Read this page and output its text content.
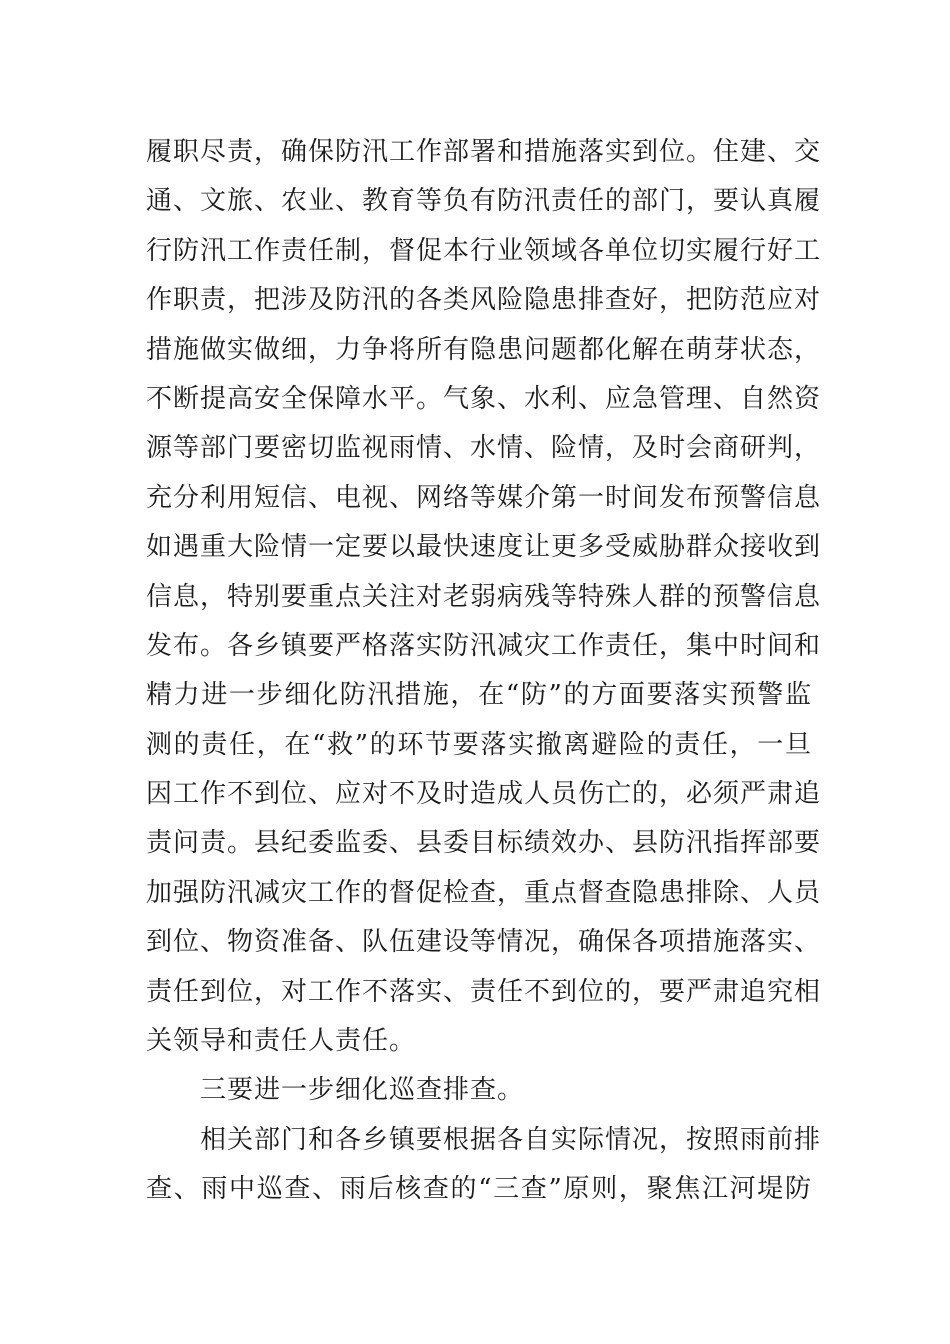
履职尽责，确保防汛工作部署和措施落实到位。住建、交
通、文旅、农业、教育等负有防汛责任的部门，要认真履
行防汛工作责任制，督促本行业领域各单位切实履行好工
作职责，把涉及防汛的各类风险隐患排查好，把防范应对
措施做实做细，力争将所有隐患问题都化解在萌芽状态，
不断提高安全保障水平。气象、水利、应急管理、自然资
源等部门要密切监视雨情、水情、险情，及时会商研判，
充分利用短信、电视、网络等媒介第一时间发布预警信息
如遇重大险情一定要以最快速度让更多受威胁群众接收到
信息，特别要重点关注对老弱病残等特殊人群的预警信息
发布。各乡镇要严格落实防汛减灾工作责任，集中时间和
精力进一步细化防汛措施，在“防”的方面要落实预警监
测的责任，在“救”的环节要落实撤离避险的责任，一旦
因工作不到位、应对不及时造成人员伤亡的，必须严肃追
责问责。县纪委监委、县委目标绩效办、县防汛指挥部要
加强防汛减灾工作的督促检查，重点督查隐患排除、人员
到位、物资准备、队伍建设等情况，确保各项措施落实、
责任到位，对工作不落实、责任不到位的，要严肃追究相
关领导和责任人责任。
三要进一步细化巡查排查。
相关部门和各乡镇要根据各自实际情况，按照雨前排
查、雨中巡查、雨后核查的“三查”原则，聚焦江河堤防
